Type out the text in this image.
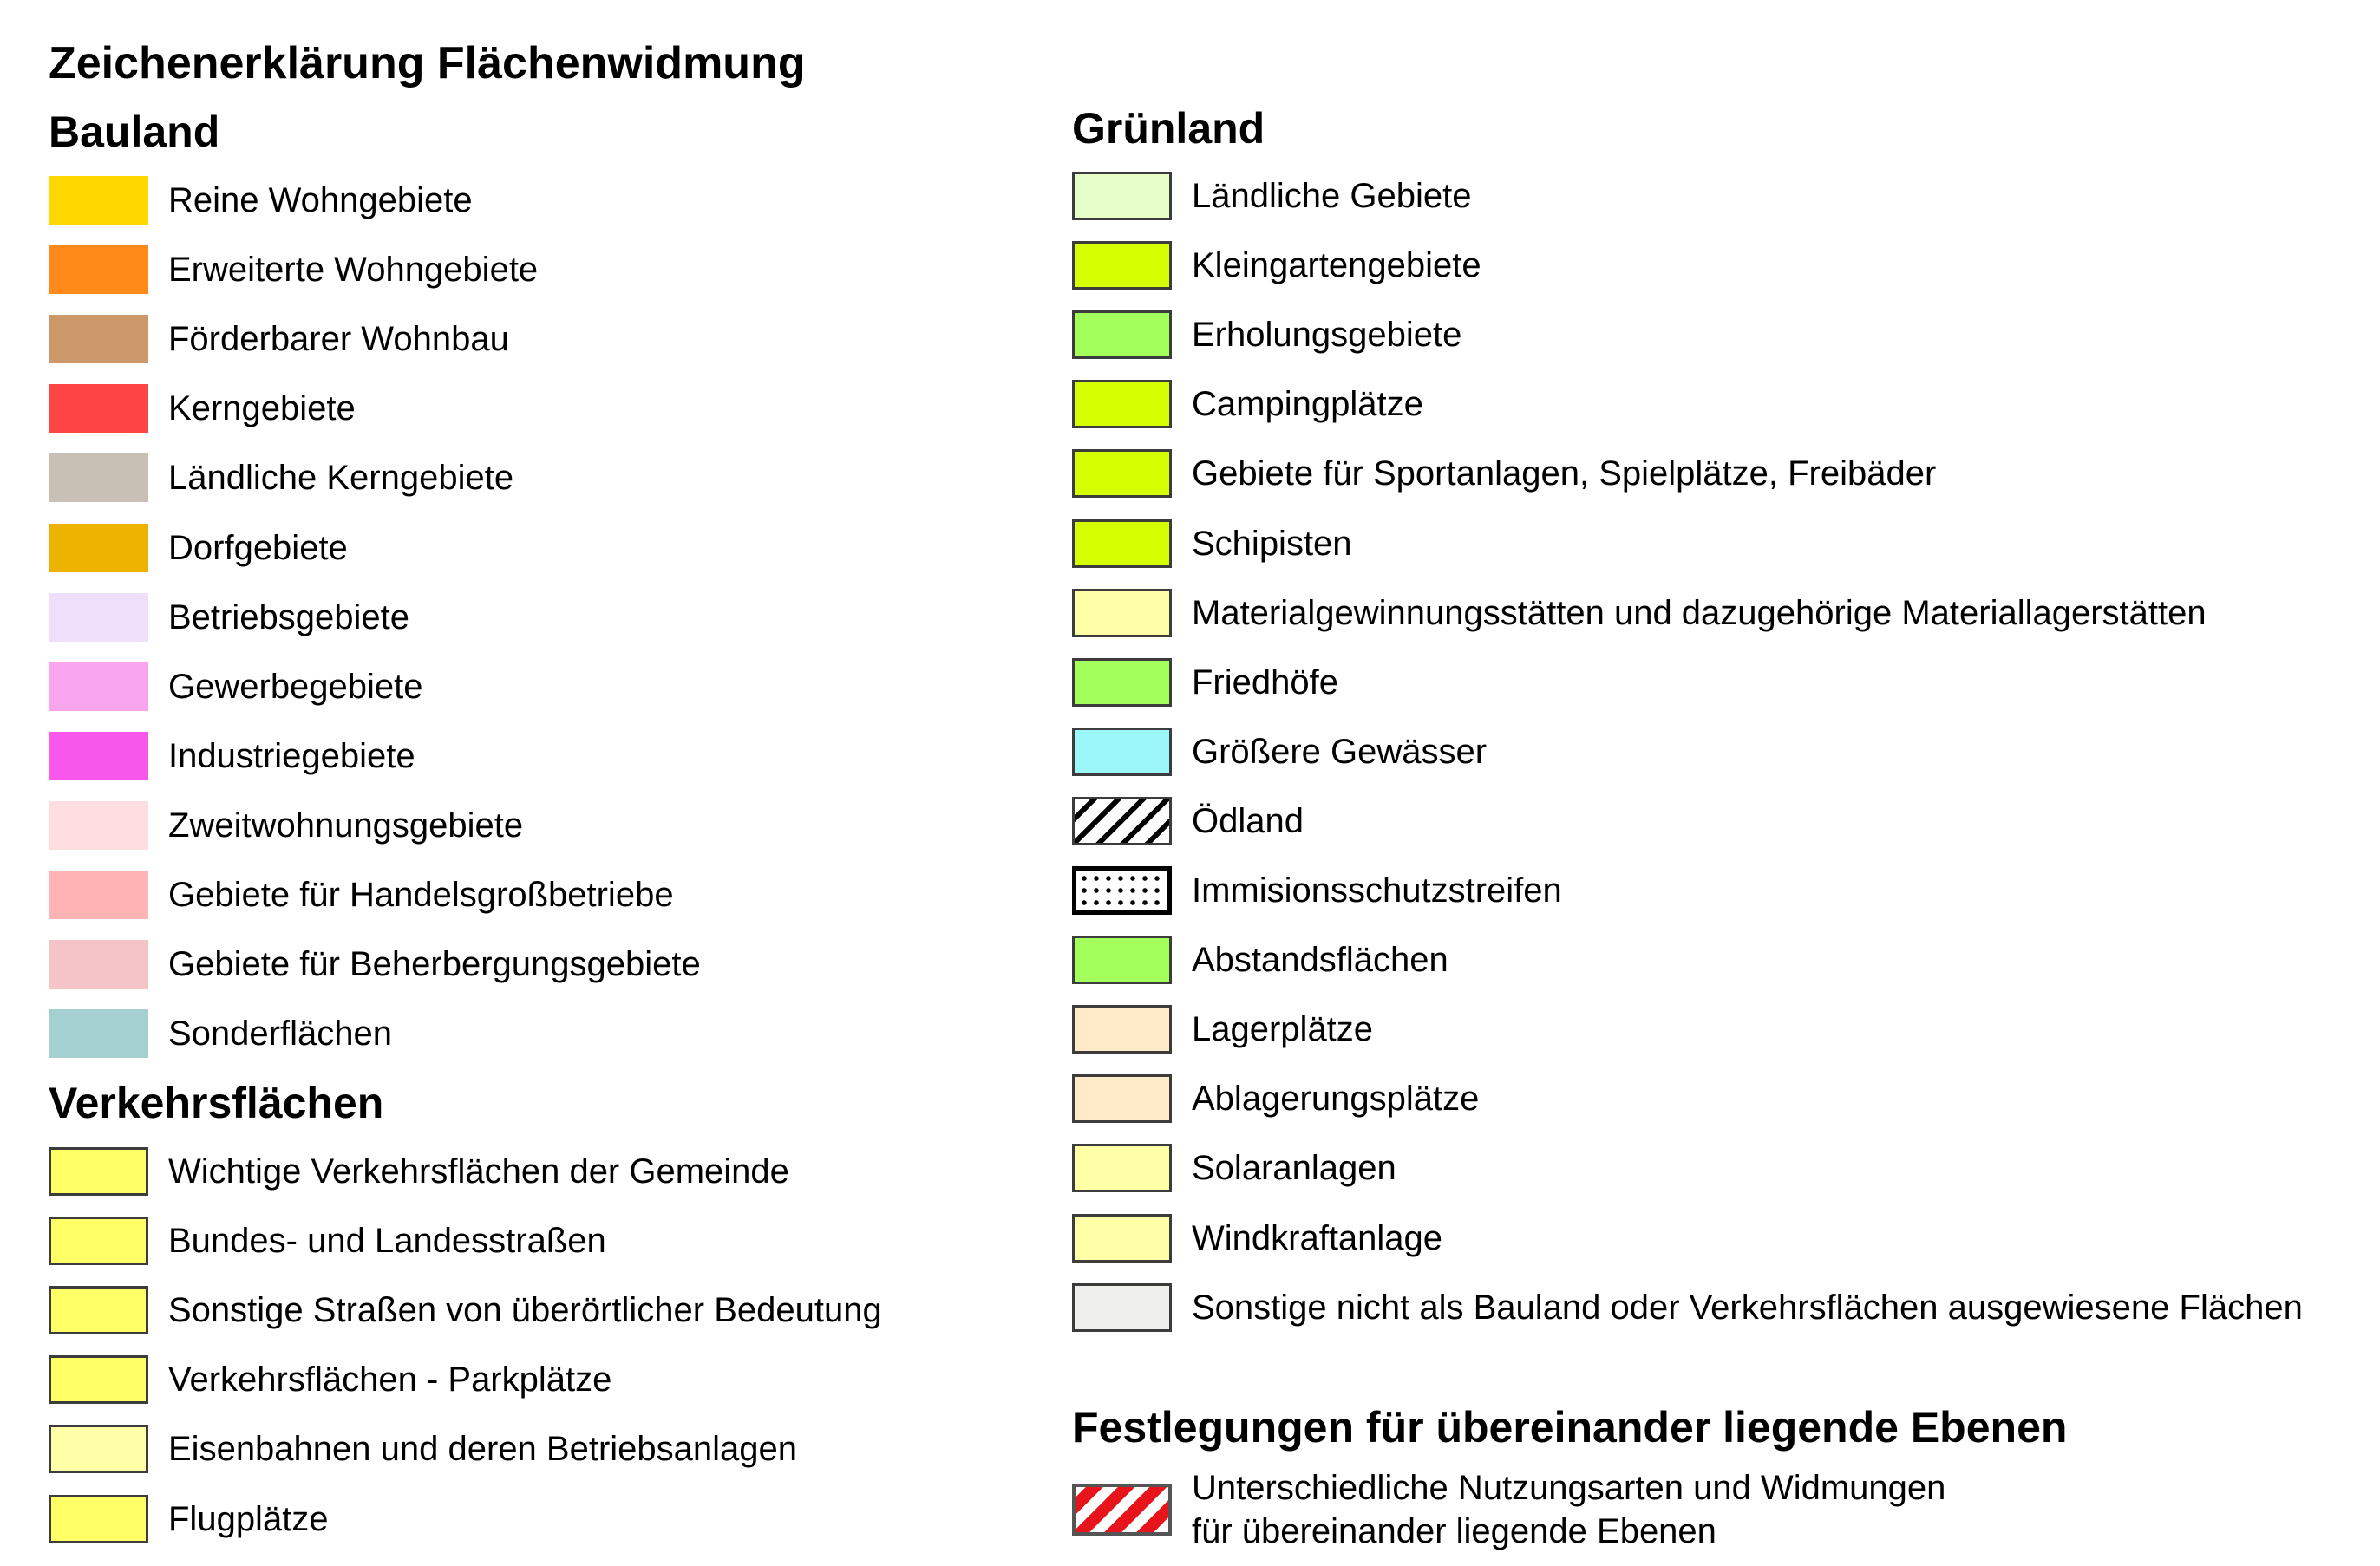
Zeichenerklärung Flächenwidmung
Bauland
Reine Wohngebiete
Erweiterte Wohngebiete
Förderbarer Wohnbau
Kerngebiete
Ländliche Kerngebiete
Dorfgebiete
Betriebsgebiete
Gewerbegebiete
Industriegebiete
Zweitwohnungsgebiete
Gebiete für Handelsgroßbetriebe
Gebiete für Beherbergungsgebiete
Sonderflächen
Verkehrsflächen
Wichtige Verkehrsflächen der Gemeinde
Bundes- und Landesstraßen
Sonstige Straßen von überörtlicher Bedeutung
Verkehrsflächen - Parkplätze
Eisenbahnen und deren Betriebsanlagen
Flugplätze
Grünland
Ländliche Gebiete
Kleingartengebiete
Erholungsgebiete
Campingplätze
Gebiete für Sportanlagen, Spielplätze, Freibäder
Schipisten
Materialgewinnungsstätten und dazugehörige Materiallagerstätten
Friedhöfe
Größere Gewässer
Ödland
Immisionsschutzstreifen
Abstandsflächen
Lagerplätze
Ablagerungsplätze
Solaranlagen
Windkraftanlage
Sonstige nicht als Bauland oder Verkehrsflächen ausgewiesene Flächen
Festlegungen für übereinander liegende Ebenen
Unterschiedliche Nutzungsarten und Widmungen
für übereinander liegende Ebenen
